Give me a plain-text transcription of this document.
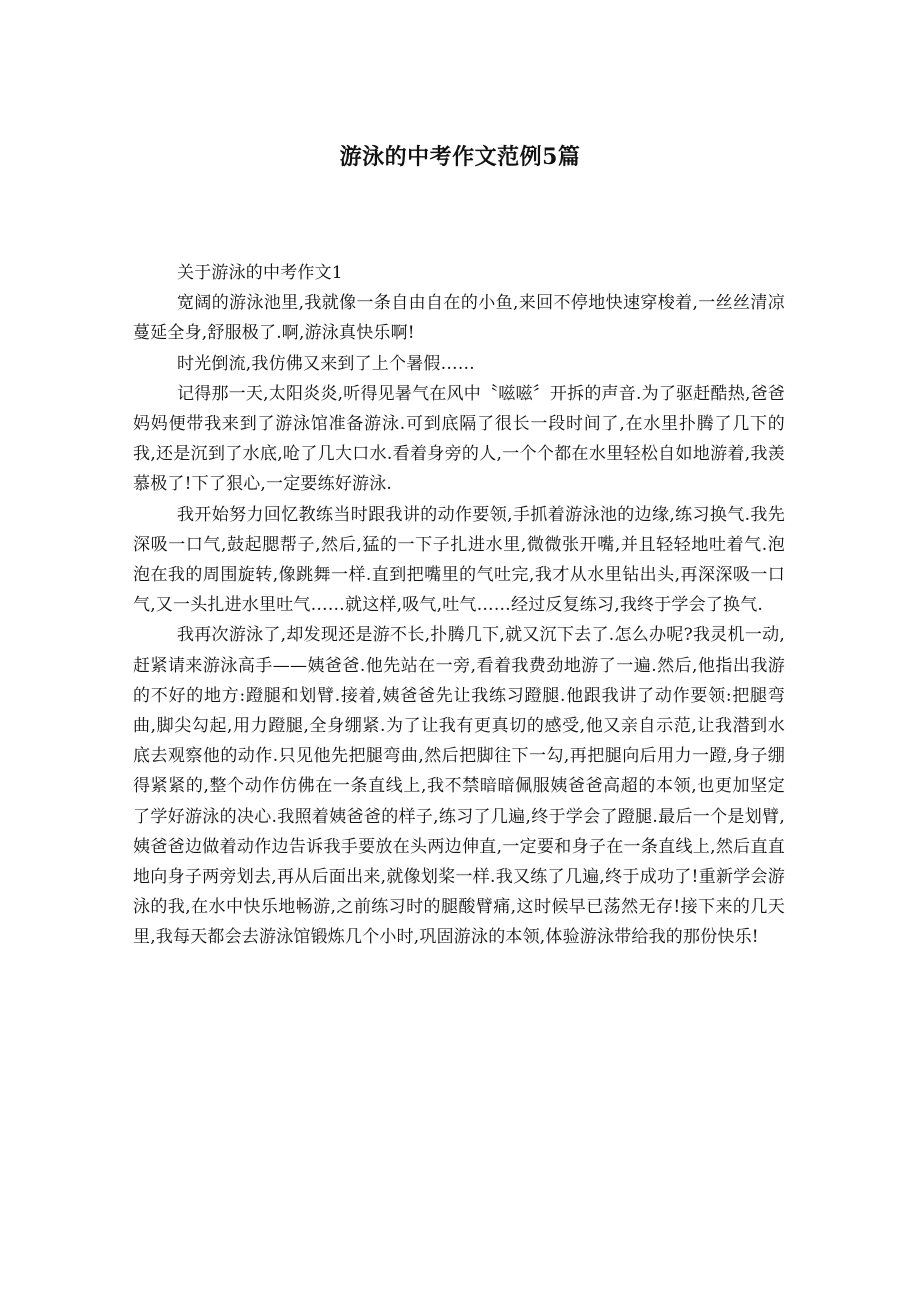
游泳的中考作文范例5篇

关于游泳的中考作文1

宽阔的游泳池里,我就像一条自由自在的小鱼,来回不停地快速穿梭着,一丝丝清凉蔓延全身,舒服极了.啊,游泳真快乐啊!

时光倒流,我仿佛又来到了上个暑假……

记得那一天,太阳炎炎,听得见暑气在风中〝嗞嗞〞开拆的声音.为了驱赶酷热,爸爸妈妈便带我来到了游泳馆准备游泳.可到底隔了很长一段时间了,在水里扑腾了几下的我,还是沉到了水底,呛了几大口水.看着身旁的人,一个个都在水里轻松自如地游着,我羡慕极了!下了狠心,一定要练好游泳.

我开始努力回忆教练当时跟我讲的动作要领,手抓着游泳池的边缘,练习换气.我先深吸一口气,鼓起腮帮子,然后,猛的一下子扎进水里,微微张开嘴,并且轻轻地吐着气.泡泡在我的周围旋转,像跳舞一样.直到把嘴里的气吐完,我才从水里钻出头,再深深吸一口气,又一头扎进水里吐气……就这样,吸气,吐气……经过反复练习,我终于学会了换气.

我再次游泳了,却发现还是游不长,扑腾几下,就又沉下去了.怎么办呢?我灵机一动,赶紧请来游泳高手——姨爸爸.他先站在一旁,看着我费劲地游了一遍.然后,他指出我游的不好的地方:蹬腿和划臂.接着,姨爸爸先让我练习蹬腿.他跟我讲了动作要领:把腿弯曲,脚尖勾起,用力蹬腿,全身绷紧.为了让我有更真切的感受,他又亲自示范,让我潜到水底去观察他的动作.只见他先把腿弯曲,然后把脚往下一勾,再把腿向后用力一蹬,身子绷得紧紧的,整个动作仿佛在一条直线上,我不禁暗暗佩服姨爸爸高超的本领,也更加坚定了学好游泳的决心.我照着姨爸爸的样子,练习了几遍,终于学会了蹬腿.最后一个是划臂,姨爸爸边做着动作边告诉我手要放在头两边伸直,一定要和身子在一条直线上,然后直直地向身子两旁划去,再从后面出来,就像划桨一样.我又练了几遍,终于成功了!重新学会游泳的我,在水中快乐地畅游,之前练习时的腿酸臂痛,这时候早已荡然无存!接下来的几天里,我每天都会去游泳馆锻炼几个小时,巩固游泳的本领,体验游泳带给我的那份快乐!
